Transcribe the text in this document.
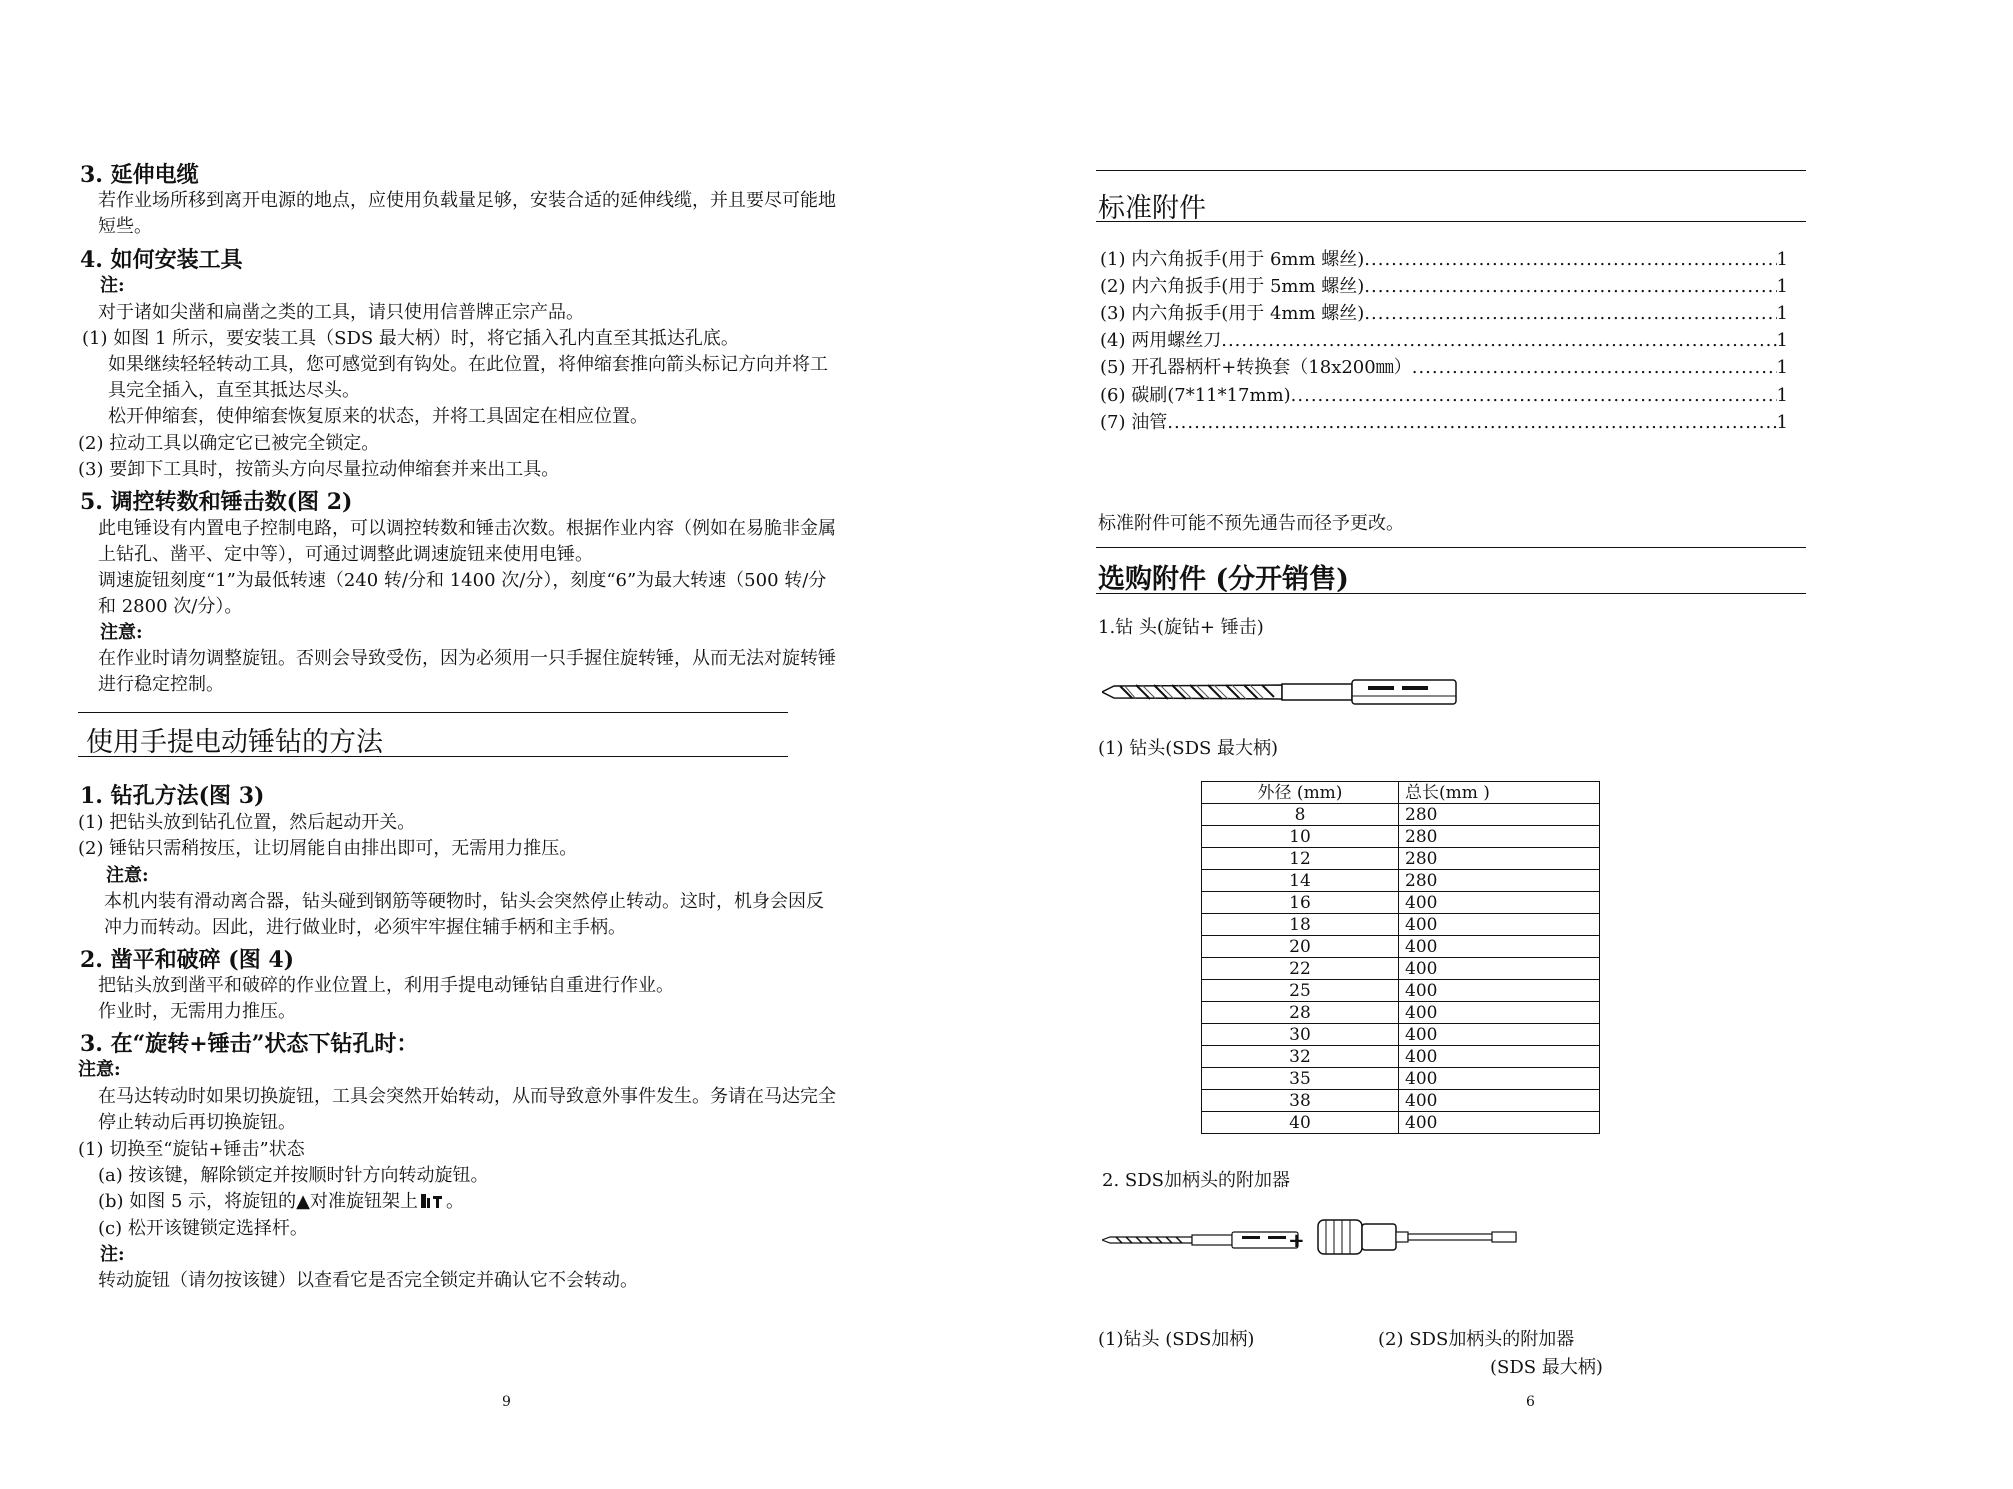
3. 延伸电缆
若作业场所移到离开电源的地点，应使用负载量足够，安装合适的延伸线缆，并且要尽可能地
短些。
4. 如何安装工具
注:
对于诸如尖凿和扁凿之类的工具，请只使用信普牌正宗产品。
(1) 如图 1 所示，要安装工具（SDS 最大柄）时，将它插入孔内直至其抵达孔底。
如果继续轻轻转动工具，您可感觉到有钩处。在此位置，将伸缩套推向箭头标记方向并将工
具完全插入，直至其抵达尽头。
松开伸缩套，使伸缩套恢复原来的状态，并将工具固定在相应位置。
(2) 拉动工具以确定它已被完全锁定。
(3) 要卸下工具时，按箭头方向尽量拉动伸缩套并来出工具。
5. 调控转数和锤击数(图 2)
此电锤设有内置电子控制电路，可以调控转数和锤击次数。根据作业内容（例如在易脆非金属
上钻孔、凿平、定中等），可通过调整此调速旋钮来使用电锤。
调速旋钮刻度“1”为最低转速（240 转/分和 1400 次/分），刻度“6”为最大转速（500 转/分
和 2800 次/分）。
注意:
在作业时请勿调整旋钮。否则会导致受伤，因为必须用一只手握住旋转锤，从而无法对旋转锤
进行稳定控制。
使用手提电动锤钻的方法
1. 钻孔方法(图 3)
(1) 把钻头放到钻孔位置，然后起动开关。
(2) 锤钻只需稍按压，让切屑能自由排出即可，无需用力推压。
注意:
本机内装有滑动离合器，钻头碰到钢筋等硬物时，钻头会突然停止转动。这时，机身会因反
冲力而转动。因此，进行做业时，必须牢牢握住辅手柄和主手柄。
2. 凿平和破碎 (图 4)
把钻头放到凿平和破碎的作业位置上，利用手提电动锤钻自重进行作业。
作业时，无需用力推压。
3. 在“旋转+锤击”状态下钻孔时：
注意:
在马达转动时如果切换旋钮，工具会突然开始转动，从而导致意外事件发生。务请在马达完全
停止转动后再切换旋钮。
(1) 切换至“旋钻+锤击”状态
(a) 按该键，解除锁定并按顺时针方向转动旋钮。
(b) 如图 5 示，将旋钮的▲对准旋钮架上 。
(c) 松开该键锁定选择杆。
注:
转动旋钮（请勿按该键）以查看它是否完全锁定并确认它不会转动。
9
标准附件
(1) 内六角扳手(用于 6mm 螺丝) .....	1
(2) 内六角扳手(用于 5mm 螺丝) .....	1
(3) 内六角扳手(用于 4mm 螺丝) .....	1
(4) 两用螺丝刀 .....	1
(5) 开孔器柄杆+转换套（18x200㎜） .....	1
(6) 碳刷(7*11*17mm) .....	1
(7) 油管 .....	1
标准附件可能不预先通告而径予更改。
选购附件 (分开销售)
1.钻 头(旋钻+ 锤击)
(1) 钻头(SDS 最大柄)
外径 (mm)	总长(mm )
8	280
10	280
12	280
14	280
16	400
18	400
20	400
22	400
25	400
28	400
30	400
32	400
35	400
38	400
40	400
2. SDS加柄头的附加器
+
(1)钻头 (SDS加柄)	(2) SDS加柄头的附加器
(SDS 最大柄)
6
